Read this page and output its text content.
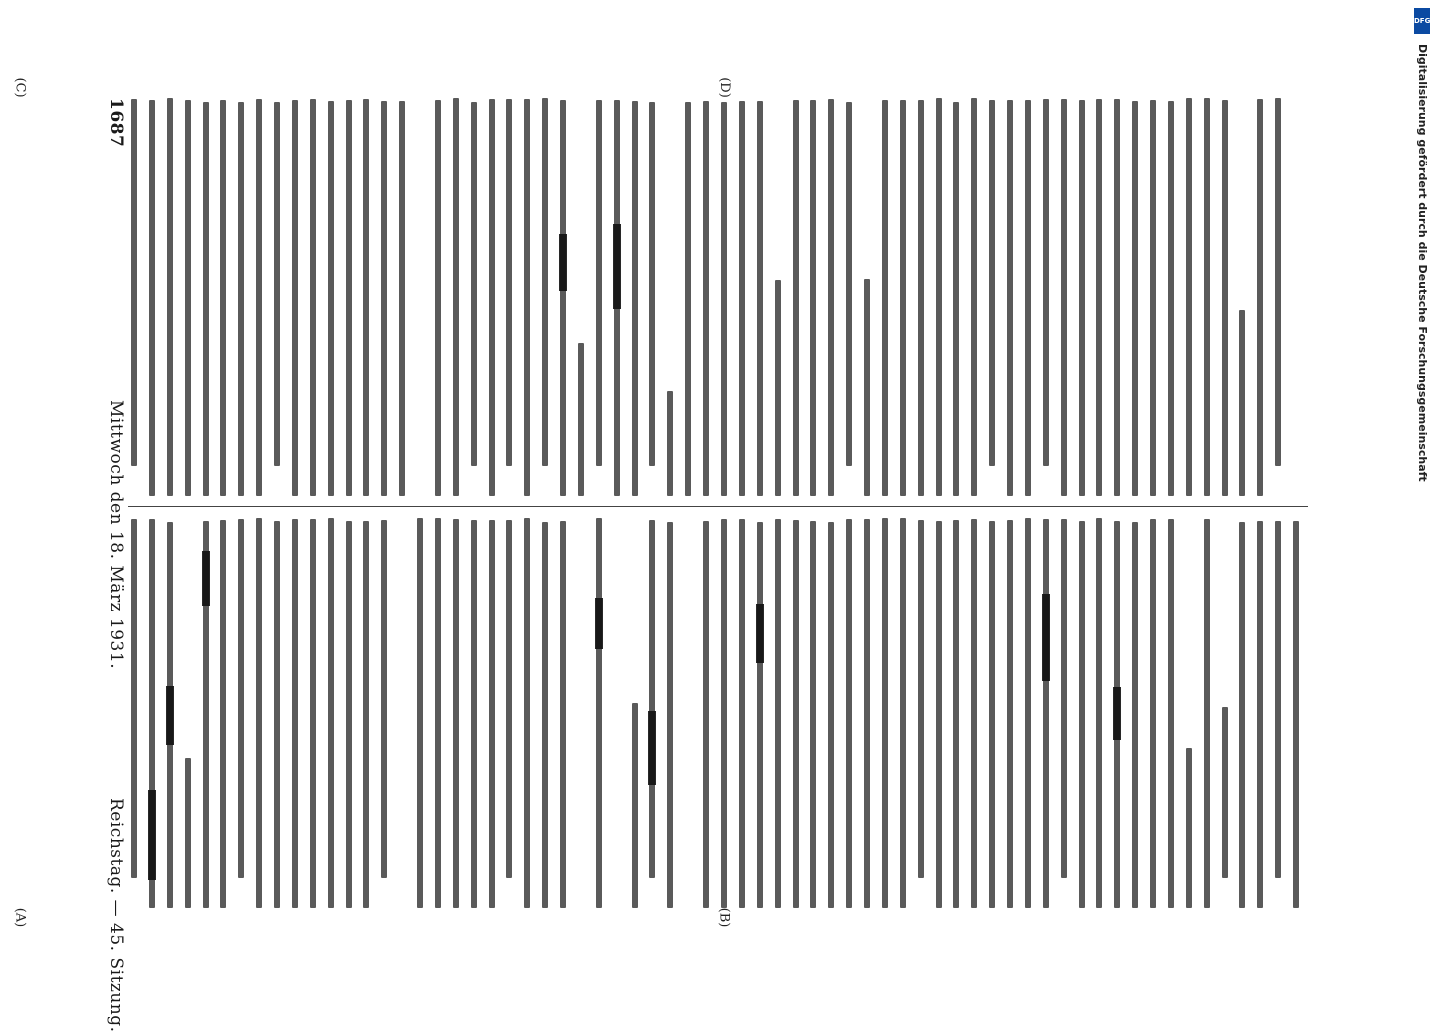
Reichstag. — 45. Sitzung.
Mittwoch den 18. März 1931.
1687
(A)	(B)
(C)	(D)
DFG
Digitalisierung gefördert durch die Deutsche Forschungsgemeinschaft
